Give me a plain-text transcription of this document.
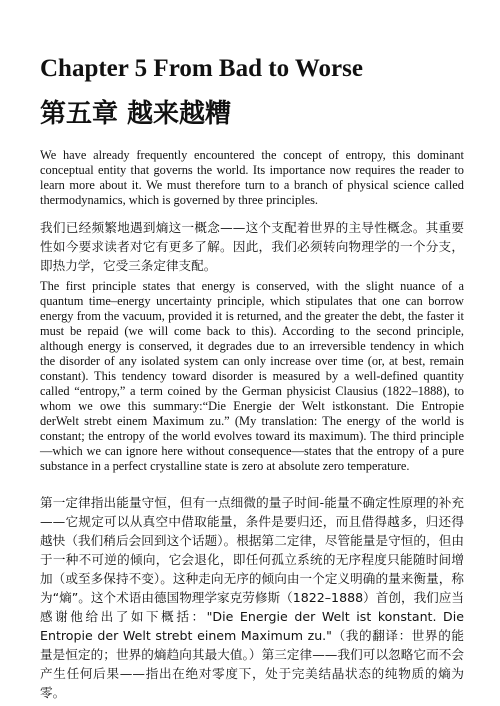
Chapter 5 From Bad to Worse
第五章 越来越糟

We have already frequently encountered the concept of entropy, this dominant conceptual entity that governs the world. Its importance now requires the reader to learn more about it. We must therefore turn to a branch of physical science called thermodynamics, which is governed by three principles.

我们已经频繁地遇到熵这一概念——这个支配着世界的主导性概念。其重要性如今要求读者对它有更多了解。因此，我们必须转向物理学的一个分支，即热力学，它受三条定律支配。

The first principle states that energy is conserved, with the slight nuance of a quantum time–energy uncertainty principle, which stipulates that one can borrow energy from the vacuum, provided it is returned, and the greater the debt, the faster it must be repaid (we will come back to this). According to the second principle, although energy is conserved, it degrades due to an irreversible tendency in which the disorder of any isolated system can only increase over time (or, at best, remain constant). This tendency toward disorder is measured by a well-defined quantity called “entropy,” a term coined by the German physicist Clausius (1822–1888), to whom we owe this summary:“Die Energie der Welt istkonstant. Die Entropie derWelt strebt einem Maximum zu.” (My translation: The energy of the world is constant; the entropy of the world evolves toward its maximum). The third principle—which we can ignore here without consequence—states that the entropy of a pure substance in a perfect crystalline state is zero at absolute zero temperature.

第一定律指出能量守恒，但有一点细微的量子时间-能量不确定性原理的补充——它规定可以从真空中借取能量，条件是要归还，而且借得越多，归还得越快（我们稍后会回到这个话题）。根据第二定律，尽管能量是守恒的，但由于一种不可逆的倾向，它会退化，即任何孤立系统的无序程度只能随时间增加（或至多保持不变）。这种走向无序的倾向由一个定义明确的量来衡量，称为“熵”。这个术语由德国物理学家克劳修斯（1822–1888）首创，我们应当感谢他给出了如下概括："Die Energie der Welt ist konstant. Die Entropie der Welt strebt einem Maximum zu."（我的翻译：世界的能量是恒定的；世界的熵趋向其最大值。）第三定律——我们可以忽略它而不会产生任何后果——指出在绝对零度下，处于完美结晶状态的纯物质的熵为零。
